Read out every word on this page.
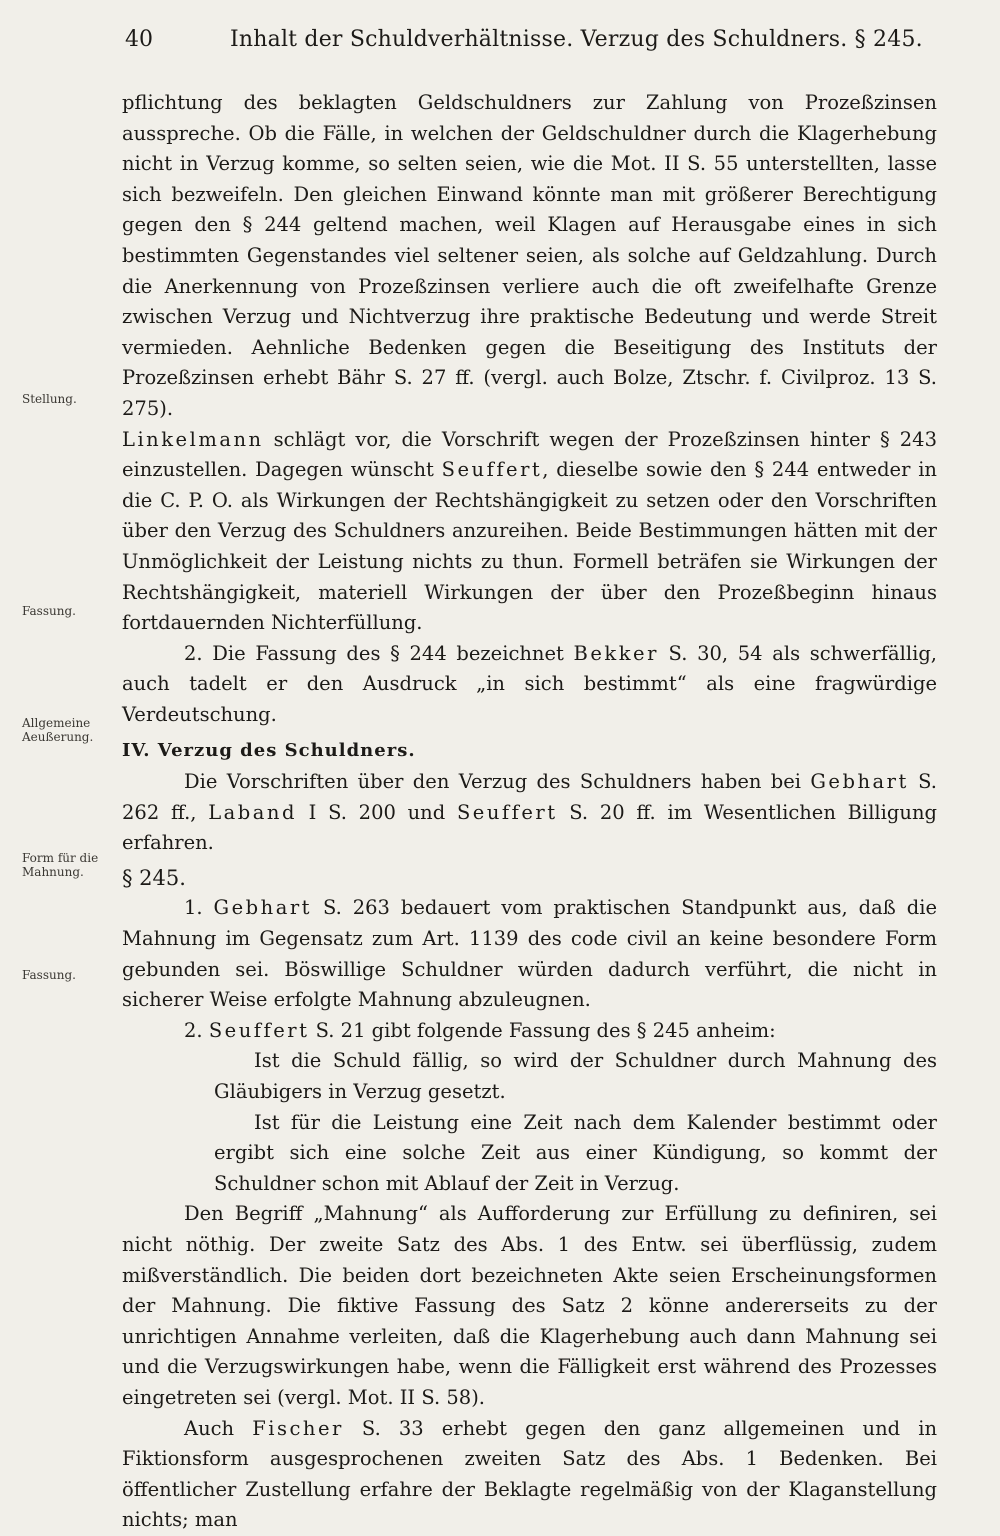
40	Inhalt der Schuldverhältnisse. Verzug des Schuldners. § 245.
Stellung.
Fassung.
Allgemeine Aeußerung.
Form für die Mahnung.
Fassung.

pflichtung des beklagten Geldschuldners zur Zahlung von Prozeßzinsen ausspreche. Ob die Fälle, in welchen der Geldschuldner durch die Klagerhebung nicht in Verzug komme, so selten seien, wie die Mot. II S. 55 unterstellten, lasse sich bezweifeln. Den gleichen Einwand könnte man mit größerer Berechtigung gegen den § 244 geltend machen, weil Klagen auf Herausgabe eines in sich bestimmten Gegenstandes viel seltener seien, als solche auf Geldzahlung. Durch die Anerkennung von Prozeßzinsen verliere auch die oft zweifelhafte Grenze zwischen Verzug und Nichtverzug ihre praktische Bedeutung und werde Streit vermieden. Aehnliche Bedenken gegen die Beseitigung des Instituts der Prozeßzinsen erhebt Bähr S. 27 ff. (vergl. auch Bolze, Ztschr. f. Civilproz. 13 S. 275).

Linkelmann schlägt vor, die Vorschrift wegen der Prozeßzinsen hinter § 243 einzustellen. Dagegen wünscht Seuffert, dieselbe sowie den § 244 entweder in die C. P. O. als Wirkungen der Rechtshängigkeit zu setzen oder den Vorschriften über den Verzug des Schuldners anzureihen. Beide Bestimmungen hätten mit der Unmöglichkeit der Leistung nichts zu thun. Formell beträfen sie Wirkungen der Rechtshängigkeit, materiell Wirkungen der über den Prozeßbeginn hinaus fortdauernden Nichterfüllung.

2. Die Fassung des § 244 bezeichnet Bekker S. 30, 54 als schwerfällig, auch tadelt er den Ausdruck „in sich bestimmt“ als eine fragwürdige Verdeutschung.

IV. Verzug des Schuldners.

Die Vorschriften über den Verzug des Schuldners haben bei Gebhart S. 262 ff., Laband I S. 200 und Seuffert S. 20 ff. im Wesentlichen Billigung erfahren.

§ 245.

1. Gebhart S. 263 bedauert vom praktischen Standpunkt aus, daß die Mahnung im Gegensatz zum Art. 1139 des code civil an keine besondere Form gebunden sei. Böswillige Schuldner würden dadurch verführt, die nicht in sicherer Weise erfolgte Mahnung abzuleugnen.

2. Seuffert S. 21 gibt folgende Fassung des § 245 anheim:

Ist die Schuld fällig, so wird der Schuldner durch Mahnung des Gläubigers in Verzug gesetzt.

Ist für die Leistung eine Zeit nach dem Kalender bestimmt oder ergibt sich eine solche Zeit aus einer Kündigung, so kommt der Schuldner schon mit Ablauf der Zeit in Verzug.

Den Begriff „Mahnung“ als Aufforderung zur Erfüllung zu definiren, sei nicht nöthig. Der zweite Satz des Abs. 1 des Entw. sei überflüssig, zudem mißverständlich. Die beiden dort bezeichneten Akte seien Erscheinungsformen der Mahnung. Die fiktive Fassung des Satz 2 könne andererseits zu der unrichtigen Annahme verleiten, daß die Klagerhebung auch dann Mahnung sei und die Verzugswirkungen habe, wenn die Fälligkeit erst während des Prozesses eingetreten sei (vergl. Mot. II S. 58).

Auch Fischer S. 33 erhebt gegen den ganz allgemeinen und in Fiktionsform ausgesprochenen zweiten Satz des Abs. 1 Bedenken. Bei öffentlicher Zustellung erfahre der Beklagte regelmäßig von der Klaganstellung nichts; man
